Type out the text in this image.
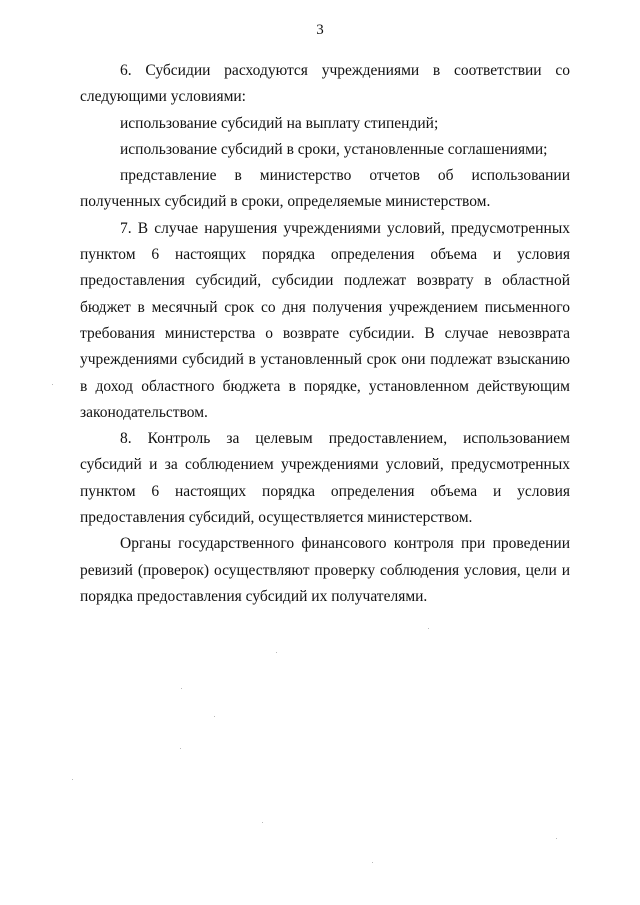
3

6. Субсидии расходуются учреждениями в соответствии со следующими условиями:

использование субсидий на выплату стипендий;

использование субсидий в сроки, установленные соглашениями;

представление в министерство отчетов об использовании полученных субсидий в сроки, определяемые министерством.

7. В случае нарушения учреждениями условий, предусмотренных пунктом 6 настоящих порядка определения объема и условия предоставления субсидий, субсидии подлежат возврату в областной бюджет в месячный срок со дня получения учреждением письменного требования министерства о возврате субсидии. В случае невозврата учреждениями субсидий в установленный срок они подлежат взысканию в доход областного бюджета в порядке, установленном действующим законодательством.

8. Контроль за целевым предоставлением, использованием субсидий и за соблюдением учреждениями условий, предусмотренных пунктом 6 настоящих порядка определения объема и условия предоставления субсидий, осуществляется министерством.

Органы государственного финансового контроля при проведении ревизий (проверок) осуществляют проверку соблюдения условия, цели и порядка предоставления субсидий их получателями.
